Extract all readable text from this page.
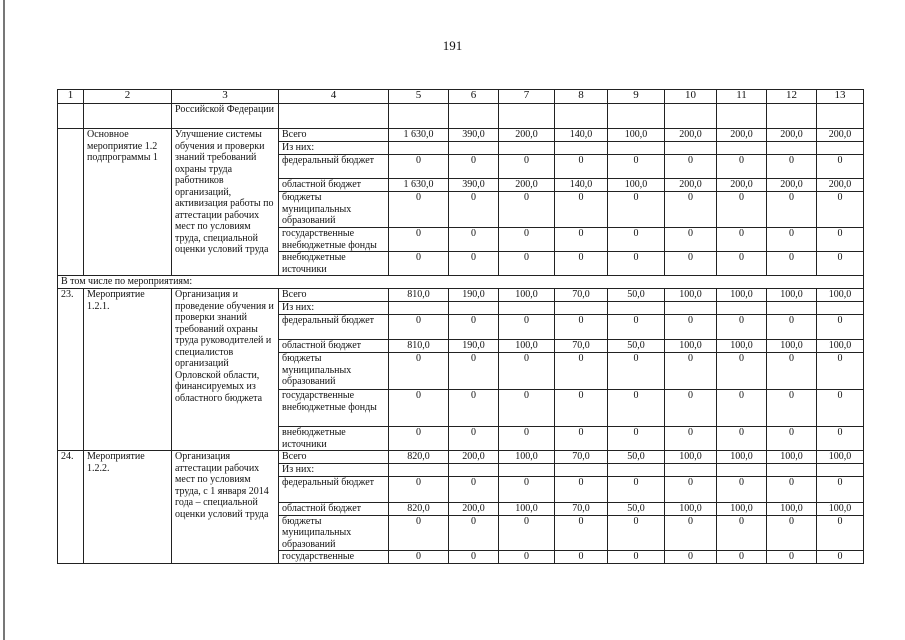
191
1	2	3	4	5	6	7	8	9	10	11	12	13
		Российской Федерации										
	Основное мероприятие 1.2 подпрограммы 1	Улучшение системы обучения и проверки знаний требований охраны труда работников организаций, активизация работы по аттестации рабочих мест по условиям труда, специальной оценки условий труда	Всего	1 630,0	390,0	200,0	140,0	100,0	200,0	200,0	200,0	200,0
			Из них:									
			федеральный бюджет	0	0	0	0	0	0	0	0	0
			областной бюджет	1 630,0	390,0	200,0	140,0	100,0	200,0	200,0	200,0	200,0
			бюджеты муниципальных образований	0	0	0	0	0	0	0	0	0
			государственные внебюджетные фонды	0	0	0	0	0	0	0	0	0
			внебюджетные источники	0	0	0	0	0	0	0	0	0
В том числе по мероприятиям:												
23.	Мероприятие 1.2.1.	Организация и проведение обучения и проверки знаний требований охраны труда руководителей и специалистов организаций Орловской области, финансируемых из областного бюджета	Всего	810,0	190,0	100,0	70,0	50,0	100,0	100,0	100,0	100,0
			Из них:									
			федеральный бюджет	0	0	0	0	0	0	0	0	0
			областной бюджет	810,0	190,0	100,0	70,0	50,0	100,0	100,0	100,0	100,0
			бюджеты муниципальных образований	0	0	0	0	0	0	0	0	0
			государственные внебюджетные фонды	0	0	0	0	0	0	0	0	0
			внебюджетные источники	0	0	0	0	0	0	0	0	0
24.	Мероприятие 1.2.2.	Организация аттестации рабочих мест по условиям труда, с 1 января 2014 года – специальной оценки условий труда	Всего	820,0	200,0	100,0	70,0	50,0	100,0	100,0	100,0	100,0
			Из них:									
			федеральный бюджет	0	0	0	0	0	0	0	0	0
			областной бюджет	820,0	200,0	100,0	70,0	50,0	100,0	100,0	100,0	100,0
			бюджеты муниципальных образований	0	0	0	0	0	0	0	0	0
			государственные	0	0	0	0	0	0	0	0	0
